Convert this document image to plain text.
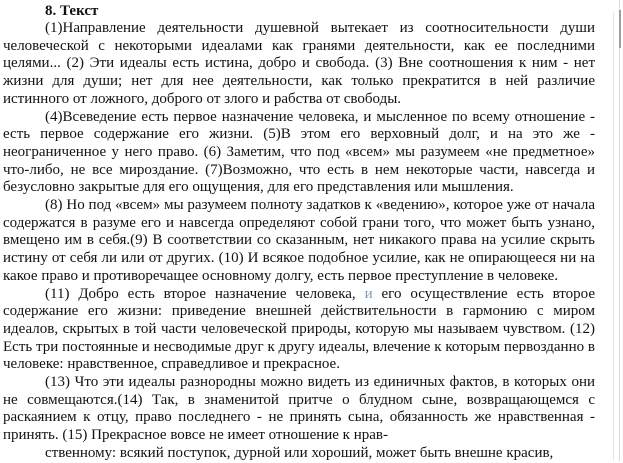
8. Текст

(1)Направление деятельности душевной вытекает из соотносительности души человеческой с некоторыми идеалами как гранями деятельности, как ее последними целями... (2) Эти идеалы есть истина, добро и свобода. (3) Вне соотношения к ним - нет жизни для души; нет для нее деятельности, как только прекратится в ней различие истинного от ложного, доброго от злого и рабства от свободы.

(4)Всеведение есть первое назначение человека, и мысленное по всему отношение - есть первое содержание его жизни. (5)В этом его верховный долг, и на это же - неограниченное у него право. (6) Заметим, что под «всем» мы разумеем «не предметное» что-либо, не все мироздание. (7)Возможно, что есть в нем некоторые части, навсегда и безусловно закрытые для его ощущения, для его представления или мышления.

(8) Но под «всем» мы разумеем полноту задатков к «ведению», которое уже от начала содержатся в разуме его и навсегда определяют собой грани того, что может быть узнано, вмещено им в себя.(9) В соответствии со сказанным, нет никакого права на усилие скрыть истину от себя ли или от других. (10) И всякое подобное усилие, как не опирающееся ни на какое право и противоречащее основному долгу, есть первое преступление в человеке.

(11) Добро есть второе назначение человека, и его осуществление есть второе содержание его жизни: приведение внешней действительности в гармонию с миром идеалов, скрытых в той части человеческой природы, которую мы называем чувством. (12) Есть три постоянные и несводимые друг к другу идеалы, влечение к которым первозданно в человеке: нравственное, справедливое и прекрасное.

(13) Что эти идеалы разнородны можно видеть из единичных фактов, в которых они не совмещаются.(14) Так, в знаменитой притче о блудном сыне, возвращающемся с раскаянием к отцу, право последнего - не принять сына, обязанность же нравственная - принять. (15) Прекрасное вовсе не имеет отношение к нрав-

ственному: всякий поступок, дурной или хороший, может быть внешне красив,
